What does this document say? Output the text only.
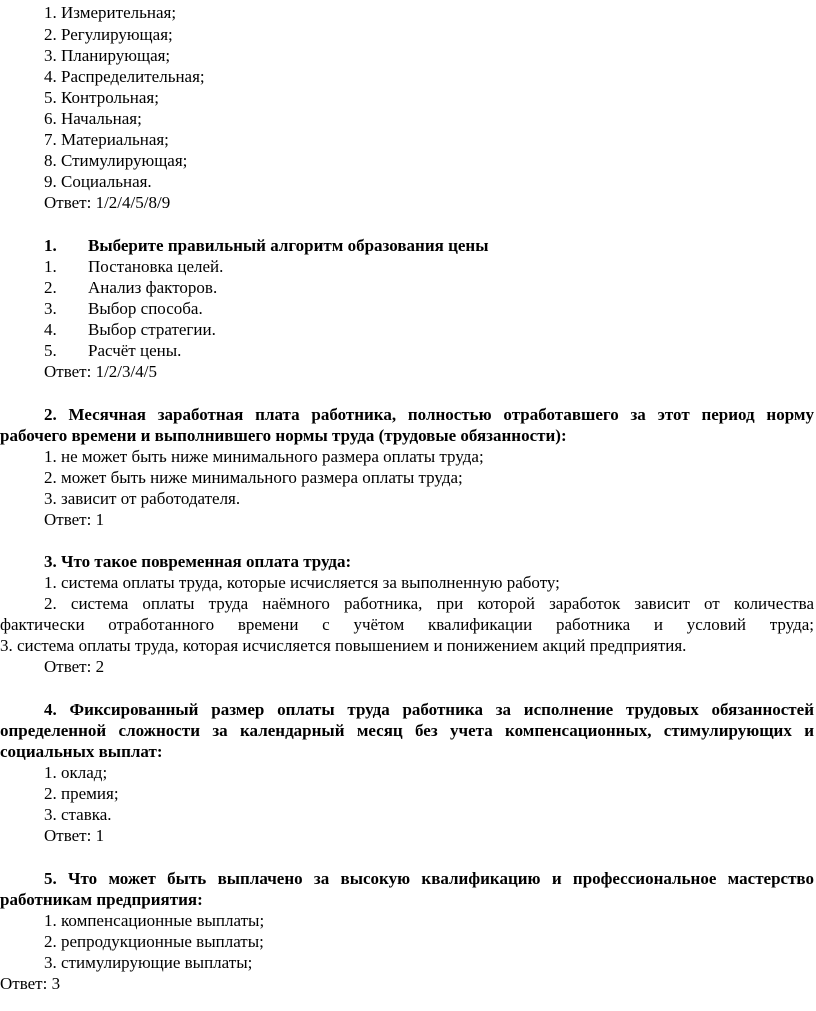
1. Измерительная;
2. Регулирующая;
3. Планирующая;
4. Распределительная;
5. Контрольная;
6. Начальная;
7. Материальная;
8. Стимулирующая;
9. Социальная.
Ответ: 1/2/4/5/8/9
1. Выберите правильный алгоритм образования цены
1. Постановка целей.
2. Анализ факторов.
3. Выбор способа.
4. Выбор стратегии.
5. Расчёт цены.
Ответ: 1/2/3/4/5
2. Месячная заработная плата работника, полностью отработавшего за этот период норму
рабочего времени и выполнившего нормы труда (трудовые обязанности):
1. не может быть ниже минимального размера оплаты труда;
2. может быть ниже минимального размера оплаты труда;
3. зависит от работодателя.
Ответ: 1
3. Что такое повременная оплата труда:
1. система оплаты труда, которые исчисляется за выполненную работу;
2. система оплаты труда наёмного работника, при которой заработок зависит от количества
фактически отработанного времени с учётом квалификации работника и условий труда;
3. система оплаты труда, которая исчисляется повышением и понижением акций предприятия.
Ответ: 2
4. Фиксированный размер оплаты труда работника за исполнение трудовых обязанностей
определенной сложности за календарный месяц без учета компенсационных, стимулирующих и
социальных выплат:
1. оклад;
2. премия;
3. ставка.
Ответ: 1
5. Что может быть выплачено за высокую квалификацию и профессиональное мастерство
работникам предприятия:
1. компенсационные выплаты;
2. репродукционные выплаты;
3. стимулирующие выплаты;
Ответ: 3
